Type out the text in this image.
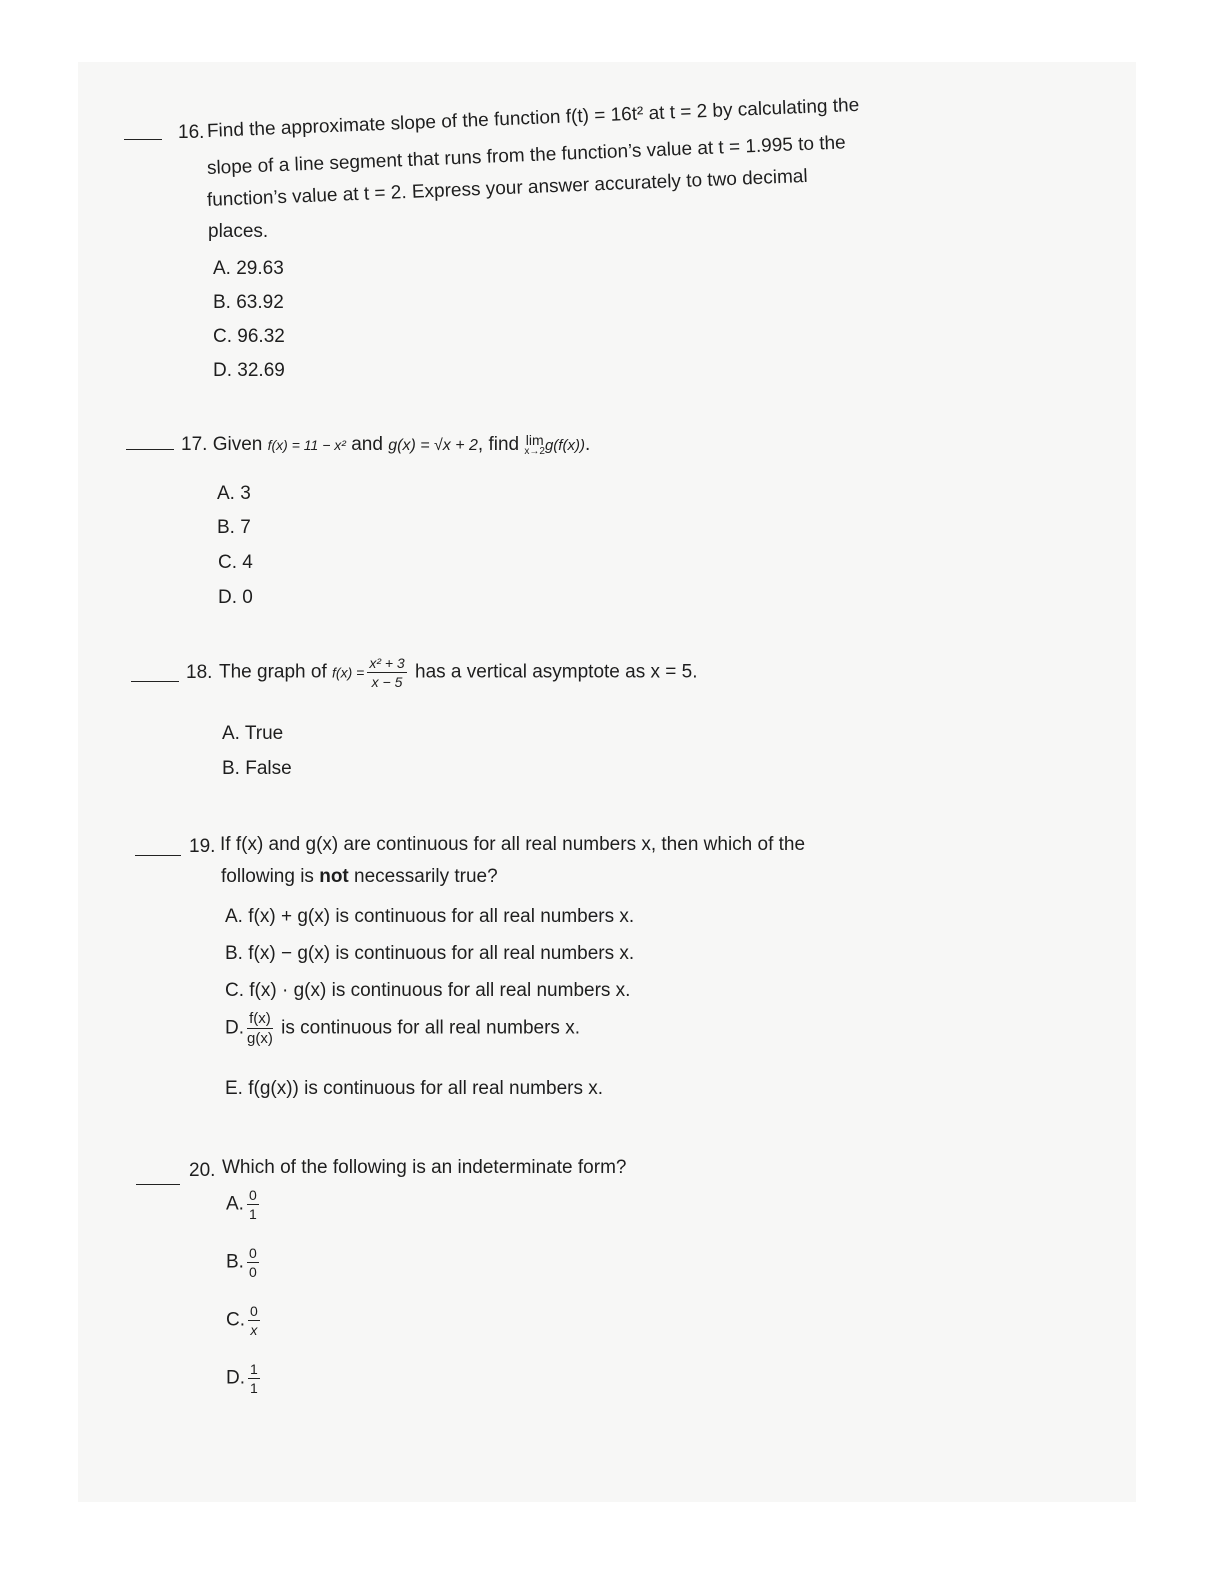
16. Find the approximate slope of the function f(t) = 16t² at t = 2 by calculating the
slope of a line segment that runs from the function’s value at t = 1.995 to the
function’s value at t = 2. Express your answer accurately to two decimal
places.
A. 29.63
B. 63.92
C. 96.32
D. 32.69
17. Given f(x) = 11 − x² and g(x) = √x + 2, find lim
x→2 g(f(x)).
A. 3
B. 7
C. 4
D. 0
18. The graph of $f(x) = \frac{\text{x² + 3}}{x - 5}$ has a vertical asymptote as x = 5.
A. True
B. False
19. If f(x) and g(x) are continuous for all real numbers x, then which of the
following is not necessarily true?
A. f(x) + g(x) is continuous for all real numbers x.
B. f(x) − g(x) is continuous for all real numbers x.
C. f(x) · g(x) is continuous for all real numbers x.
D. $\frac{f(x)}{g(x)}$ is continuous for all real numbers x.
E. f(g(x)) is continuous for all real numbers x.
20. Which of the following is an indeterminate form?
A. $\frac{0}{1}$
B. $\frac{0}{0}$
C. $\frac{0}{x}$
D. $\frac{1}{1}$
